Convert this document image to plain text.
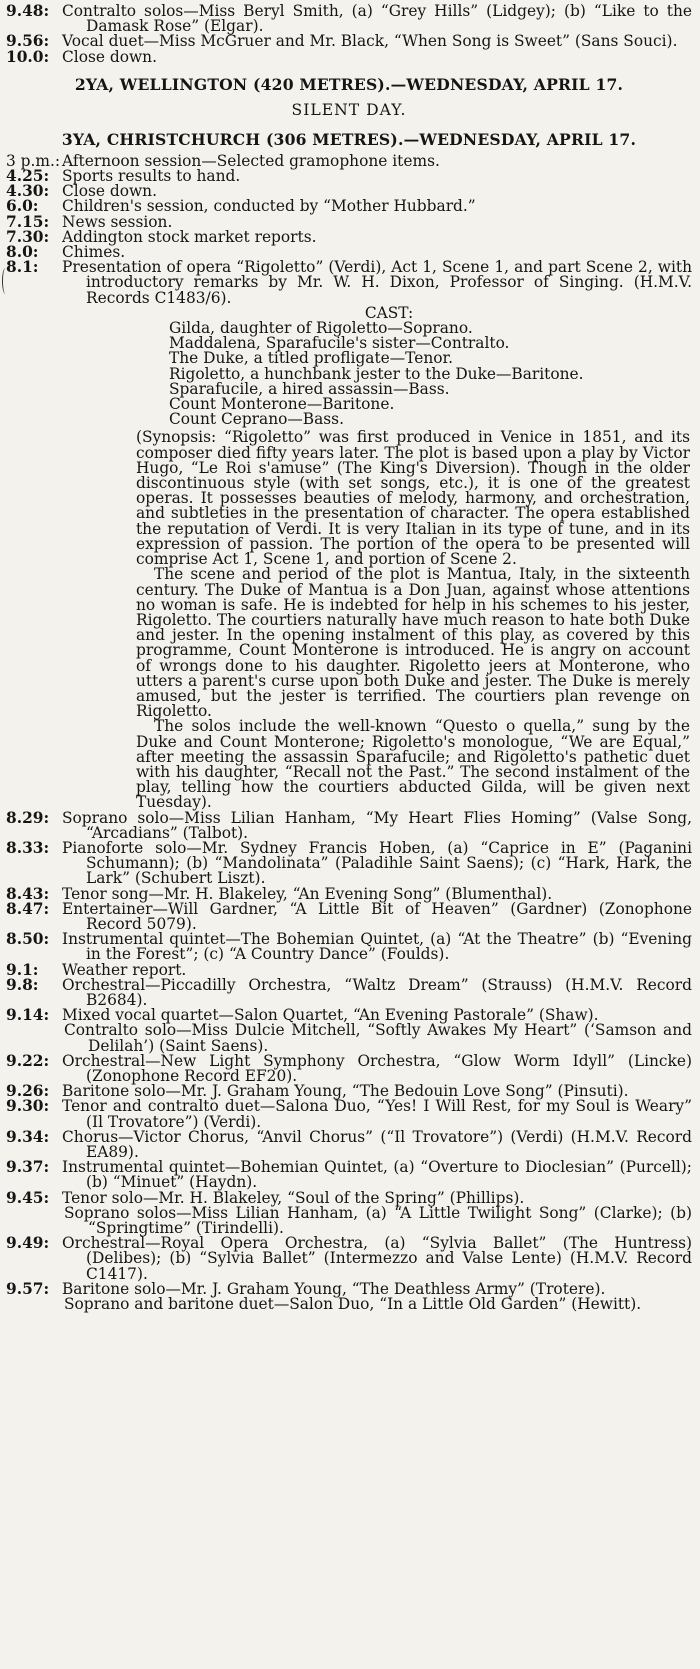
9.48: Contralto solos—Miss Beryl Smith, (a) “Grey Hills” (Lidgey); (b) “Like to the Damask Rose” (Elgar).
9.56: Vocal duet—Miss McGruer and Mr. Black, “When Song is Sweet” (Sans Souci).
10.0: Close down.
2YA, WELLINGTON (420 METRES).—WEDNESDAY, APRIL 17.
SILENT DAY.
3YA, CHRISTCHURCH (306 METRES).—WEDNESDAY, APRIL 17.
3 p.m.: Afternoon session—Selected gramophone items.
4.25: Sports results to hand.
4.30: Close down.
6.0:	Children's session, conducted by “Mother Hubbard.”
7.15: News session.
7.30: Addington stock market reports.
8.0:	Chimes.
8.1:	Presentation of opera “Rigoletto” (Verdi), Act 1, Scene 1, and part Scene 2, with introductory remarks by Mr. W. H. Dixon, Professor of Singing. (H.M.V. Records C1483/6).
CAST:
Gilda, daughter of Rigoletto—Soprano.
Maddalena, Sparafucile's sister—Contralto.
The Duke, a titled profligate—Tenor.
Rigoletto, a hunchbank jester to the Duke—Baritone.
Sparafucile, a hired assassin—Bass.
Count Monterone—Baritone.
Count Ceprano—Bass.

(Synopsis: “Rigoletto” was first produced in Venice in 1851, and its composer died fifty years later. The plot is based upon a play by Victor Hugo, “Le Roi s'amuse” (The King's Diversion). Though in the older discontinuous style (with set songs, etc.), it is one of the greatest operas. It possesses beauties of melody, harmony, and orchestration, and subtleties in the presentation of character. The opera established the reputation of Verdi. It is very Italian in its type of tune, and in its expression of passion. The portion of the opera to be presented will comprise Act 1, Scene 1, and portion of Scene 2.

The scene and period of the plot is Mantua, Italy, in the sixteenth century. The Duke of Mantua is a Don Juan, against whose attentions no woman is safe. He is indebted for help in his schemes to his jester, Rigoletto. The courtiers naturally have much reason to hate both Duke and jester. In the opening instalment of this play, as covered by this programme, Count Monterone is introduced. He is angry on account of wrongs done to his daughter. Rigoletto jeers at Monterone, who utters a parent's curse upon both Duke and jester. The Duke is merely amused, but the jester is terrified. The courtiers plan revenge on Rigoletto.

The solos include the well-known “Questo o quella,” sung by the Duke and Count Monterone; Rigoletto's monologue, “We are Equal,” after meeting the assassin Sparafucile; and Rigoletto's pathetic duet with his daughter, “Recall not the Past.” The second instalment of the play, telling how the courtiers abducted Gilda, will be given next Tuesday).

8.29: Soprano solo—Miss Lilian Hanham, “My Heart Flies Homing” (Valse Song, “Arcadians” (Talbot).
8.33: Pianoforte solo—Mr. Sydney Francis Hoben, (a) “Caprice in E” (Paganini Schumann); (b) “Mandolinata” (Paladihle Saint Saens); (c) “Hark, Hark, the Lark” (Schubert Liszt).
8.43: Tenor song—Mr. H. Blakeley, “An Evening Song” (Blumenthal).
8.47: Entertainer—Will Gardner, “A Little Bit of Heaven” (Gardner) (Zonophone Record 5079).
8.50: Instrumental quintet—The Bohemian Quintet, (a) “At the Theatre” (b) “Evening in the Forest”; (c) “A Country Dance” (Foulds).
9.1:	Weather report.
9.8:	Orchestral—Piccadilly Orchestra, “Waltz Dream” (Strauss) (H.M.V. Record B2684).
9.14: Mixed vocal quartet—Salon Quartet, “An Evening Pastorale” (Shaw).
Contralto solo—Miss Dulcie Mitchell, “Softly Awakes My Heart” (‘Samson and Delilah’) (Saint Saens).
9.22: Orchestral—New Light Symphony Orchestra, “Glow Worm Idyll” (Lincke) (Zonophone Record EF20).
9.26: Baritone solo—Mr. J. Graham Young, “The Bedouin Love Song” (Pinsuti).
9.30: Tenor and contralto duet—Salona Duo, “Yes! I Will Rest, for my Soul is Weary” (Il Trovatore”) (Verdi).
9.34: Chorus—Victor Chorus, “Anvil Chorus” (“Il Trovatore”) (Verdi) (H.M.V. Record EA89).
9.37: Instrumental quintet—Bohemian Quintet, (a) “Overture to Dioclesian” (Purcell); (b) “Minuet” (Haydn).
9.45: Tenor solo—Mr. H. Blakeley, “Soul of the Spring” (Phillips).
Soprano solos—Miss Lilian Hanham, (a) “A Little Twilight Song” (Clarke); (b) “Springtime” (Tirindelli).
9.49: Orchestral—Royal Opera Orchestra, (a) “Sylvia Ballet” (The Huntress) (Delibes); (b) “Sylvia Ballet” (Intermezzo and Valse Lente) (H.M.V. Record C1417).
9.57: Baritone solo—Mr. J. Graham Young, “The Deathless Army” (Trotere).
Soprano and baritone duet—Salon Duo, “In a Little Old Garden” (Hewitt).
